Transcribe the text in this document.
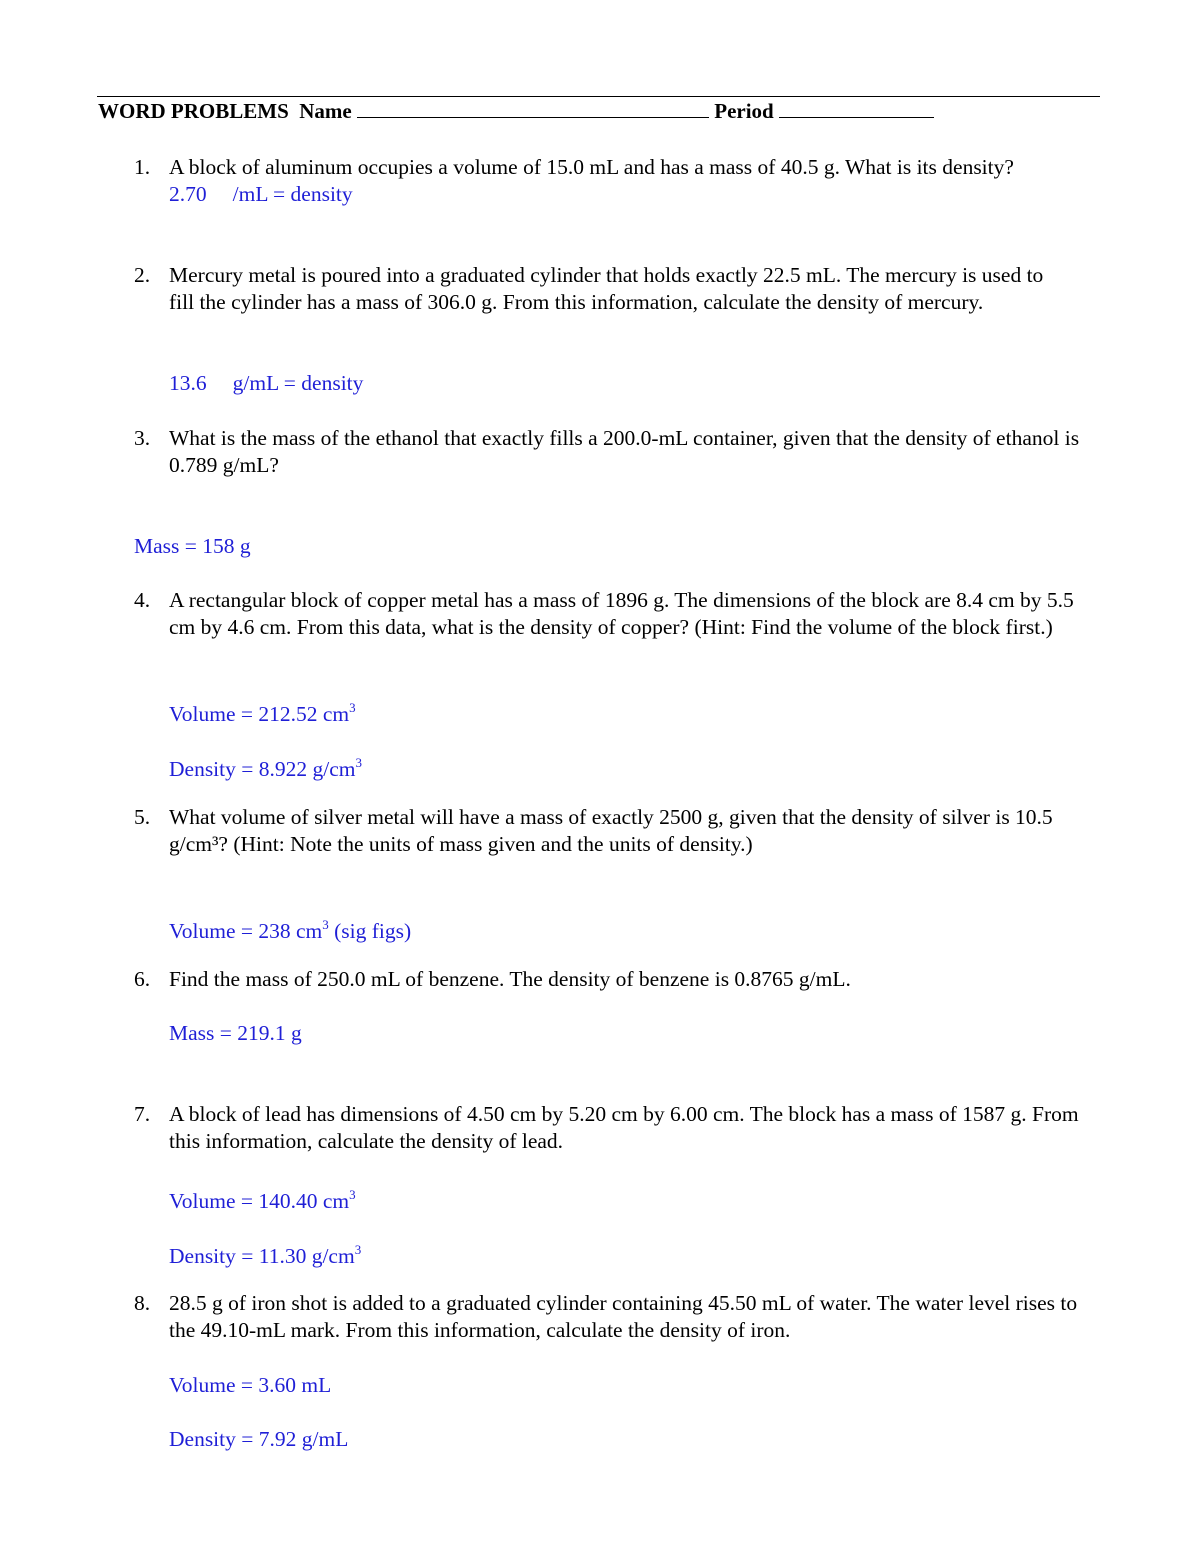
WORD PROBLEMS Name	Period
1. A block of aluminum occupies a volume of 15.0 mL and has a mass of 40.5 g. What is its density?
2.70 /mL = density
2. Mercury metal is poured into a graduated cylinder that holds exactly 22.5 mL. The mercury is used to fill the cylinder has a mass of 306.0 g. From this information, calculate the density of mercury.
13.6 g/mL = density
3. What is the mass of the ethanol that exactly fills a 200.0-mL container, given that the density of ethanol is 0.789 g/mL?
Mass = 158 g
4. A rectangular block of copper metal has a mass of 1896 g. The dimensions of the block are 8.4 cm by 5.5 cm by 4.6 cm. From this data, what is the density of copper? (Hint: Find the volume of the block first.)
Volume = 212.52 $cm^3$
Density = 8.922 $g/cm^3$
5. What volume of silver metal will have a mass of exactly 2500 g, given that the density of silver is 10.5 g/cm³? (Hint: Note the units of mass given and the units of density.)
Volume = 238 $cm^3$ (sig figs)
6. Find the mass of 250.0 mL of benzene. The density of benzene is 0.8765 g/mL.
Mass = 219.1 g
7. A block of lead has dimensions of 4.50 cm by 5.20 cm by 6.00 cm. The block has a mass of 1587 g. From this information, calculate the density of lead.
Volume = 140.40 $cm^3$
Density = 11.30 $g/cm^3$
8. 28.5 g of iron shot is added to a graduated cylinder containing 45.50 mL of water. The water level rises to the 49.10-mL mark. From this information, calculate the density of iron.
Volume = 3.60 mL
Density = 7.92 g/mL
